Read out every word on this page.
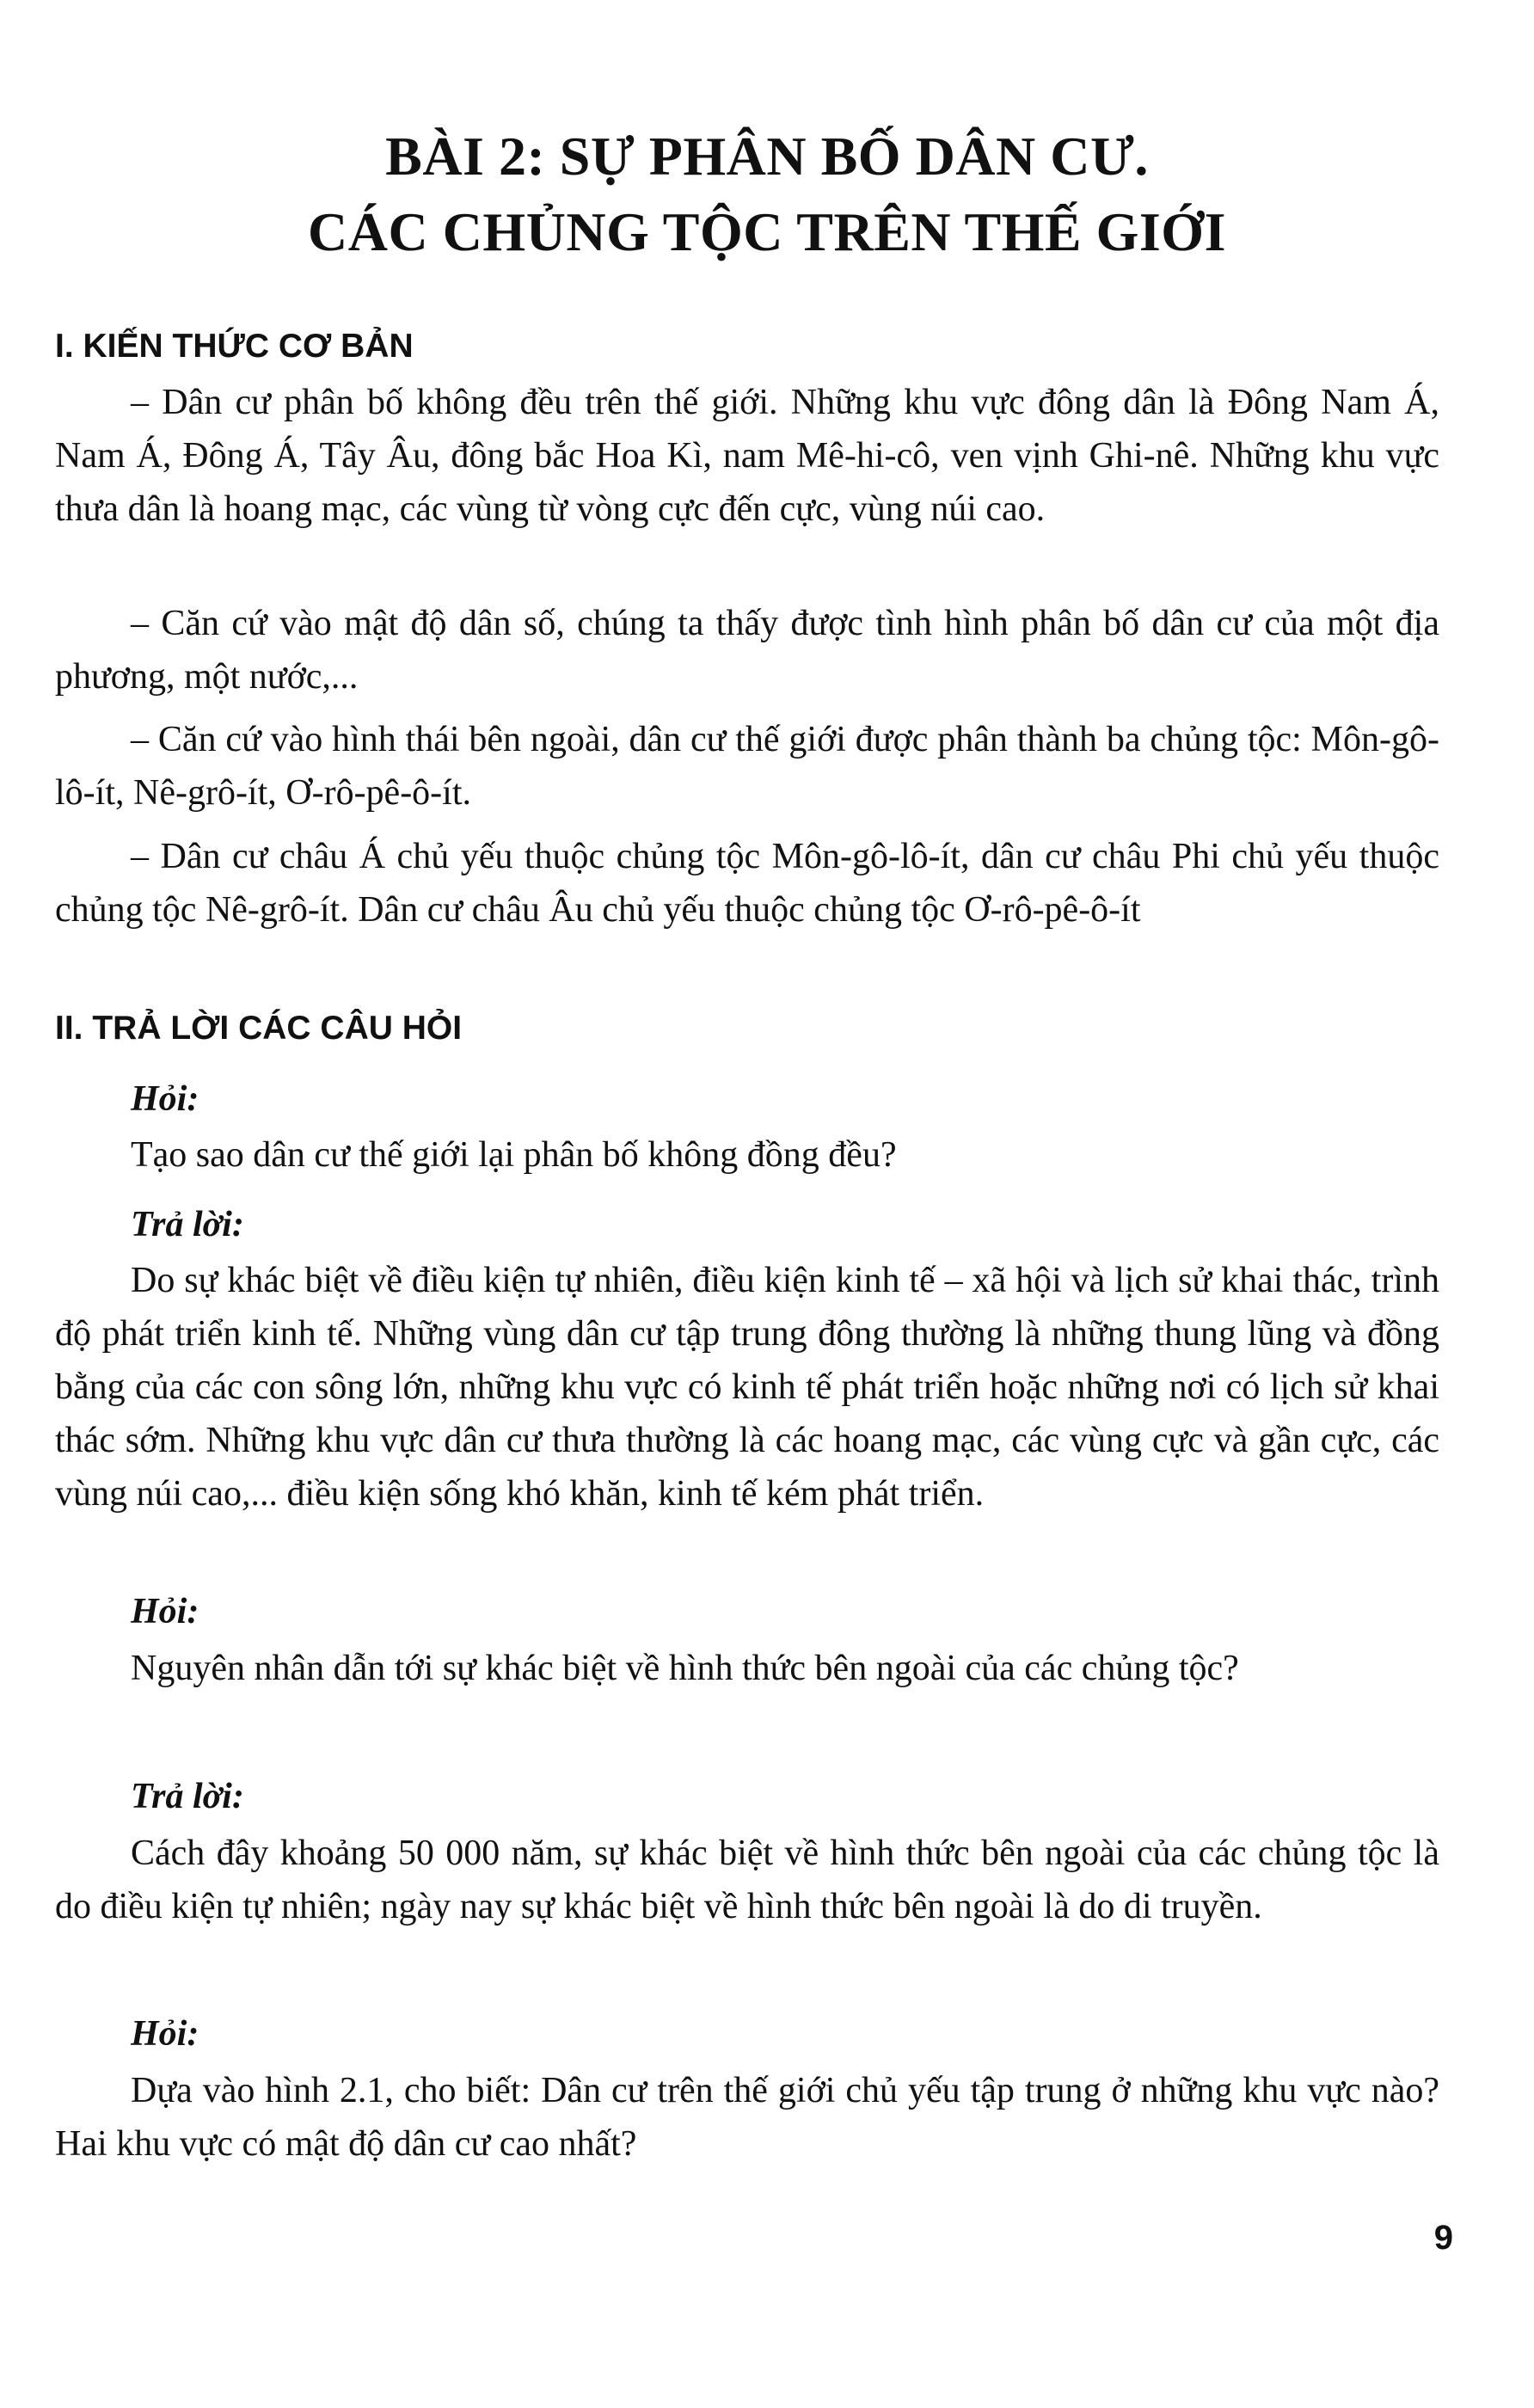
BÀI 2: SỰ PHÂN BỐ DÂN CƯ.
CÁC CHỦNG TỘC TRÊN THẾ GIỚI
I. KIẾN THỨC CƠ BẢN

– Dân cư phân bố không đều trên thế giới. Những khu vực đông dân là Đông Nam Á, Nam Á, Đông Á, Tây Âu, đông bắc Hoa Kì, nam Mê-hi-cô, ven vịnh Ghi-nê. Những khu vực thưa dân là hoang mạc, các vùng từ vòng cực đến cực, vùng núi cao.

– Căn cứ vào mật độ dân số, chúng ta thấy được tình hình phân bố dân cư của một địa phương, một nước,...

– Căn cứ vào hình thái bên ngoài, dân cư thế giới được phân thành ba chủng tộc: Môn-gô-lô-ít, Nê-grô-ít, Ơ-rô-pê-ô-ít.

– Dân cư châu Á chủ yếu thuộc chủng tộc Môn-gô-lô-ít, dân cư châu Phi chủ yếu thuộc chủng tộc Nê-grô-ít. Dân cư châu Âu chủ yếu thuộc chủng tộc Ơ-rô-pê-ô-ít

II. TRẢ LỜI CÁC CÂU HỎI
Hỏi:

Tạo sao dân cư thế giới lại phân bố không đồng đều?

Trả lời:

Do sự khác biệt về điều kiện tự nhiên, điều kiện kinh tế – xã hội và lịch sử khai thác, trình độ phát triển kinh tế. Những vùng dân cư tập trung đông thường là những thung lũng và đồng bằng của các con sông lớn, những khu vực có kinh tế phát triển hoặc những nơi có lịch sử khai thác sớm. Những khu vực dân cư thưa thường là các hoang mạc, các vùng cực và gần cực, các vùng núi cao,... điều kiện sống khó khăn, kinh tế kém phát triển.

Hỏi:

Nguyên nhân dẫn tới sự khác biệt về hình thức bên ngoài của các chủng tộc?

Trả lời:

Cách đây khoảng 50 000 năm, sự khác biệt về hình thức bên ngoài của các chủng tộc là do điều kiện tự nhiên; ngày nay sự khác biệt về hình thức bên ngoài là do di truyền.

Hỏi:

Dựa vào hình 2.1, cho biết: Dân cư trên thế giới chủ yếu tập trung ở những khu vực nào? Hai khu vực có mật độ dân cư cao nhất?

9
